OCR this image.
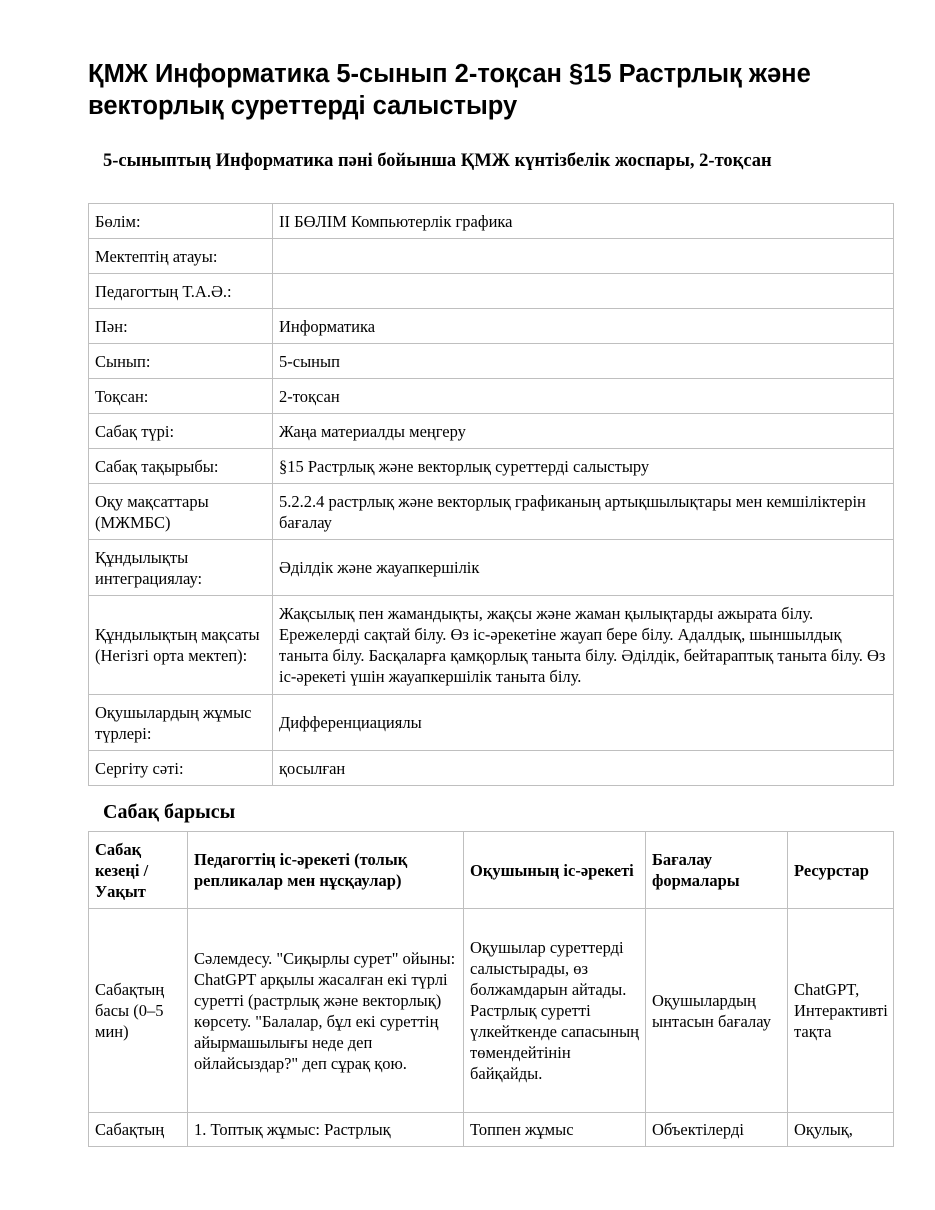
ҚМЖ Информатика 5-сынып 2-тоқсан §15 Растрлық және векторлық суреттерді салыстыру
5-сыныптың Информатика пәні бойынша ҚМЖ күнтізбелік жоспары, 2-тоқсан
Бөлім:	ІІ БӨЛІМ Компьютерлік графика
Мектептің атауы:	
Педагогтың Т.А.Ә.:	
Пән:	Информатика
Сынып:	5-сынып
Тоқсан:	2-тоқсан
Сабақ түрі:	Жаңа материалды меңгеру
Сабақ тақырыбы:	§15 Растрлық және векторлық суреттерді салыстыру
Оқу мақсаттары (МЖМБС)	5.2.2.4 растрлық және векторлық графиканың артықшылықтары мен кемшіліктерін бағалау
Құндылықты интеграциялау:	Әділдік және жауапкершілік
Құндылықтың мақсаты (Негізгі орта мектеп):	Жақсылық пен жамандықты, жақсы және жаман қылықтарды ажырата білу. Ережелерді сақтай білу. Өз іс-әрекетіне жауап бере білу. Адалдық, шыншылдық таныта білу. Басқаларға қамқорлық таныта білу. Әділдік, бейтараптық таныта білу. Өз іс-әрекеті үшін жауапкершілік таныта білу.
Оқушылардың жұмыс түрлері:	Дифференциациялы
Сергіту сәті:	қосылған
Сабақ барысы
Сабақ кезеңі / Уақыт	Педагогтің іс-әрекеті (толық репликалар мен нұсқаулар)	Оқушының іс-әрекеті	Бағалау формалары	Ресурстар
Сабақтың басы (0–5 мин)	Сәлемдесу. "Сиқырлы сурет" ойыны: ChatGPT арқылы жасалған екі түрлі суретті (растрлық және векторлық) көрсету. "Балалар, бұл екі суреттің айырмашылығы неде деп ойлайсыздар?" деп сұрақ қою.	Оқушылар суреттерді салыстырады, өз болжамдарын айтады. Растрлық суретті үлкейткенде сапасының төмендейтінін байқайды.	Оқушылардың ынтасын бағалау	ChatGPT, Интерактивті тақта
Сабақтың	1. Топтық жұмыс: Растрлық	Топпен жұмыс	Объектілерді	Оқулық,
